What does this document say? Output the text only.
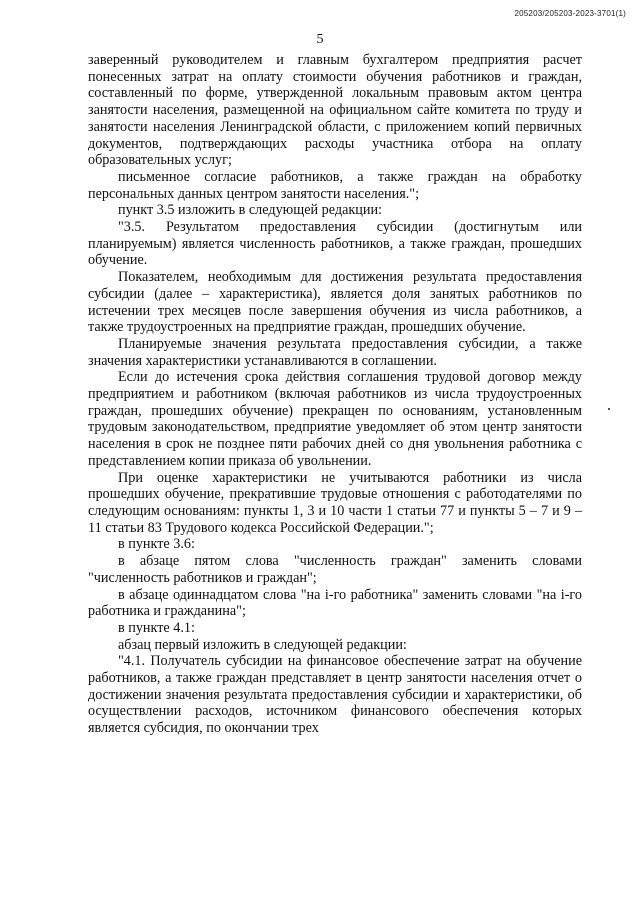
205203/205203-2023-3701(1)
5

заверенный руководителем и главным бухгалтером предприятия расчет понесенных затрат на оплату стоимости обучения работников и граждан, составленный по форме, утвержденной локальным правовым актом центра занятости населения, размещенной на официальном сайте комитета по труду и занятости населения Ленинградской области, с приложением копий первичных документов, подтверждающих расходы участника отбора на оплату образовательных услуг;

письменное согласие работников, а также граждан на обработку персональных данных центром занятости населения.";

пункт 3.5 изложить в следующей редакции:

"3.5. Результатом предоставления субсидии (достигнутым или планируемым) является численность работников, а также граждан, прошедших обучение.

Показателем, необходимым для достижения результата предоставления субсидии (далее – характеристика), является доля занятых работников по истечении трех месяцев после завершения обучения из числа работников, а также трудоустроенных на предприятие граждан, прошедших обучение.

Планируемые значения результата предоставления субсидии, а также значения характеристики устанавливаются в соглашении.

Если до истечения срока действия соглашения трудовой договор между предприятием и работником (включая работников из числа трудоустроенных граждан, прошедших обучение) прекращен по основаниям, установленным трудовым законодательством, предприятие уведомляет об этом центр занятости населения в срок не позднее пяти рабочих дней со дня увольнения работника с представлением копии приказа об увольнении.

При оценке характеристики не учитываются работники из числа прошедших обучение, прекратившие трудовые отношения с работодателями по следующим основаниям: пункты 1, 3 и 10 части 1 статьи 77 и пункты 5 – 7 и 9 – 11 статьи 83 Трудового кодекса Российской Федерации.";

в пункте 3.6:

в абзаце пятом слова "численность граждан" заменить словами "численность работников и граждан";

в абзаце одиннадцатом слова "на i-го работника" заменить словами "на i-го работника и гражданина";

в пункте 4.1:

абзац первый изложить в следующей редакции:

"4.1. Получатель субсидии на финансовое обеспечение затрат на обучение работников, а также граждан представляет в центр занятости населения отчет о достижении значения результата предоставления субсидии и характеристики, об осуществлении расходов, источником финансового обеспечения которых является субсидия, по окончании трех
